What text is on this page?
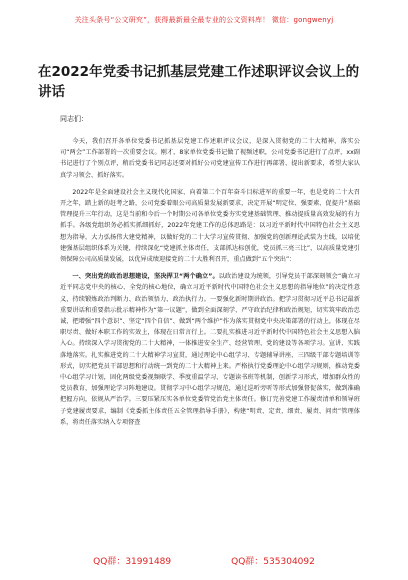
关注头条号“公文研究”，获得最新最全最专业的公文资料库！ 微信：gongwenyj
在2022年党委书记抓基层党建工作述职评议会议上的讲话
同志们：

今天，我们召开各单位党委书记抓基层党建工作述职评议会议，是深入贯彻党的二十大精神，落实公司“两会”工作部署的一次重要会议。刚才，8家单位党委书记做了视频述职，公司党委书记进行了点评，xx副书记进行了个别点评，稍后党委书记同志还要对抓好公司党建宣传工作进行再部署、提出新要求，希望大家认真学习领会、抓好落实。

2022年是全面建设社会主义现代化国家、向着第二个百年奋斗目标进军的重要一年，也是党的二十大召开之年，踏上新的赶考之路，公司党委着眼公司高质量发展新要求，决定开展“明定位、强要素、促提升”基础管理提升三年行动，这是当前和今后一个时期公司各单位党委夯实党建基础管理、推动提质量高效发展的有力抓手。各级党组织务必抓实抓细抓好，2022年党建工作的总体思路是：以习近平新时代中国特色社会主义思想为指导，大力弘扬伟大建党精神，以做好党的二十大学习宣传贯彻、加强党的创新理论武装为主线，以培优建强基层组织体系为关键，持续深化“党建抓主体责任，支部抓达标创优，党员抓三亮三比”，以高质量党建引领保障公司高质量发展，以优异成绩迎接党的二十大胜利召开，重点做到“五个突出”：

一、突出党的政治思想建设，坚决捍卫“两个确立”。以政治建设为统领，引导党员干部深刻领会“确立习近平同志党中央的核心、全党的核心地位，确立习近平新时代中国特色社会主义思想的指导地位”的决定性意义，持续锻炼政治判断力、政治领悟力、政治执行力。一要强化新时期讲政治。把学习贯彻习近平总书记最新重要讲话和重要指示批示精神作为“第一议题”，做到全面深刻学、严守政治纪律和政治规矩，切实筑牢政治忠诚，把增强“四个意识”、坚定“四个自信”、做到“两个维护”作为落实贯彻党中央决策部署的行动上，体现在尽职尽责、做好本职工作的实效上，体现在日常言行上。二要扎实推进习近平新时代中国特色社会主义思想入脑入心。持续深入学习贯彻党的二十大精神，一体推进安全生产、经营管理、党的建设等各项学习。宣讲、实践落地落实。扎实推进党的二十大精神学习宣贯，通过理论中心组学习、专题辅导讲座、三四级干部专题培训等形式，切实把党员干部思想和行动统一到党的二十大精神上来。严格执行党委理论中心组学习规则，推动党委中心组学习计划，固化两级党委视频联学、季度重温学习、专题读书班等机制，创新学习形式，增加群众性的党员教育，加强理论学习阵地建设。贯彻学习中心组学习规范，通过巡听旁听等形式加强督促落实，做到准确把握方向，依规从严治学。三要压紧压实各单位党委管党治党主体责任。修订完善党建工作履责清单和领导班子党建履责要求，编制《党委抓主体责任五全管理指导手册》，构建“明责、定责、细责、履责、问责”管理体系，将责任落实纳入专项督查

QQ群：31991489	QQ群：535304092
